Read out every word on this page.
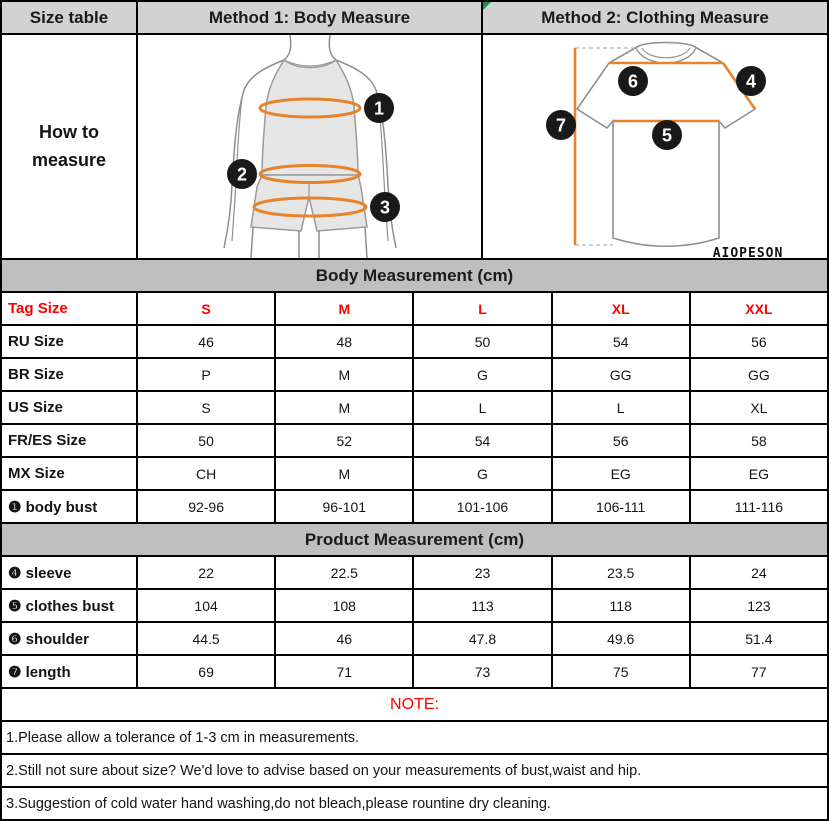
Size table	Method 1: Body Measure	Method 2: Clothing Measure
How to measure
1
2
3
6	4
5
7
AIOPESON
Body Measurement (cm)
Tag Size	S	M	L	XL	XXL
RU Size	46	48	50	54	56
BR Size	P	M	G	GG	GG
US Size	S	M	L	L	XL
FR/ES Size	50	52	54	56	58
MX Size	CH	M	G	EG	EG
❶ body bust	92-96	96-101	101-106	106-111	111-116
Product Measurement (cm)
❹ sleeve	22	22.5	23	23.5	24
❺ clothes bust	104	108	113	118	123
❻ shoulder	44.5	46	47.8	49.6	51.4
❼ length	69	71	73	75	77
NOTE:
1.Please allow a tolerance of 1-3 cm in measurements.
2.Still not sure about size? We'd love to advise based on your measurements of bust,waist and hip.
3.Suggestion of cold water hand washing,do not bleach,please rountine dry cleaning.
